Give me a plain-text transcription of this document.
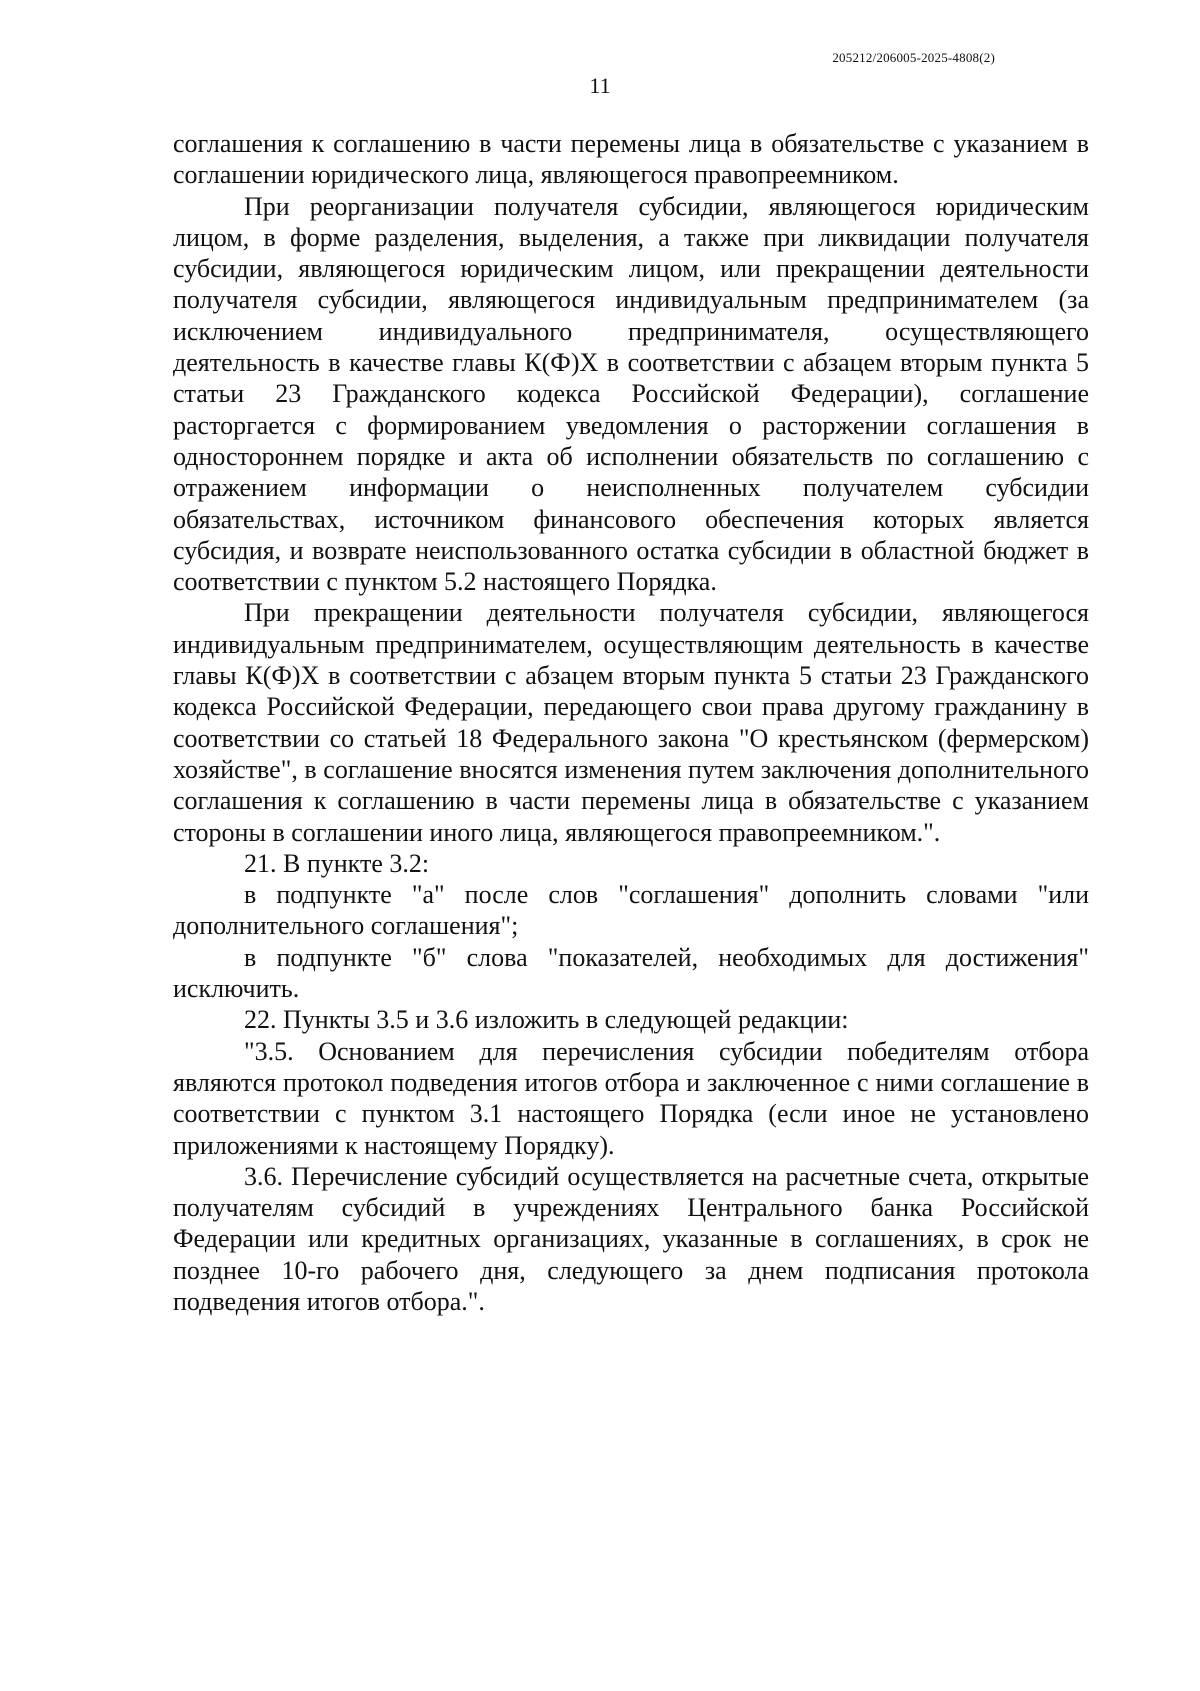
205212/206005-2025-4808(2)
11

соглашения к соглашению в части перемены лица в обязательстве с указанием в соглашении юридического лица, являющегося правопреемником.

При реорганизации получателя субсидии, являющегося юридическим лицом, в форме разделения, выделения, а также при ликвидации получателя субсидии, являющегося юридическим лицом, или прекращении деятельности получателя субсидии, являющегося индивидуальным предпринимателем (за исключением индивидуального предпринимателя, осуществляющего деятельность в качестве главы К(Ф)Х в соответствии с абзацем вторым пункта 5 статьи 23 Гражданского кодекса Российской Федерации), соглашение расторгается с формированием уведомления о расторжении соглашения в одностороннем порядке и акта об исполнении обязательств по соглашению с отражением информации о неисполненных получателем субсидии обязательствах, источником финансового обеспечения которых является субсидия, и возврате неиспользованного остатка субсидии в областной бюджет в соответствии с пунктом 5.2 настоящего Порядка.

При прекращении деятельности получателя субсидии, являющегося индивидуальным предпринимателем, осуществляющим деятельность в качестве главы К(Ф)Х в соответствии с абзацем вторым пункта 5 статьи 23 Гражданского кодекса Российской Федерации, передающего свои права другому гражданину в соответствии со статьей 18 Федерального закона "О крестьянском (фермерском) хозяйстве", в соглашение вносятся изменения путем заключения дополнительного соглашения к соглашению в части перемены лица в обязательстве с указанием стороны в соглашении иного лица, являющегося правопреемником.".

21. В пункте 3.2:

в подпункте "а" после слов "соглашения" дополнить словами "или дополнительного соглашения";

в подпункте "б" слова "показателей, необходимых для достижения" исключить.

22. Пункты 3.5 и 3.6 изложить в следующей редакции:

"3.5. Основанием для перечисления субсидии победителям отбора являются протокол подведения итогов отбора и заключенное с ними соглашение в соответствии с пунктом 3.1 настоящего Порядка (если иное не установлено приложениями к настоящему Порядку).

3.6. Перечисление субсидий осуществляется на расчетные счета, открытые получателям субсидий в учреждениях Центрального банка Российской Федерации или кредитных организациях, указанные в соглашениях, в срок не позднее 10-го рабочего дня, следующего за днем подписания протокола подведения итогов отбора.".
